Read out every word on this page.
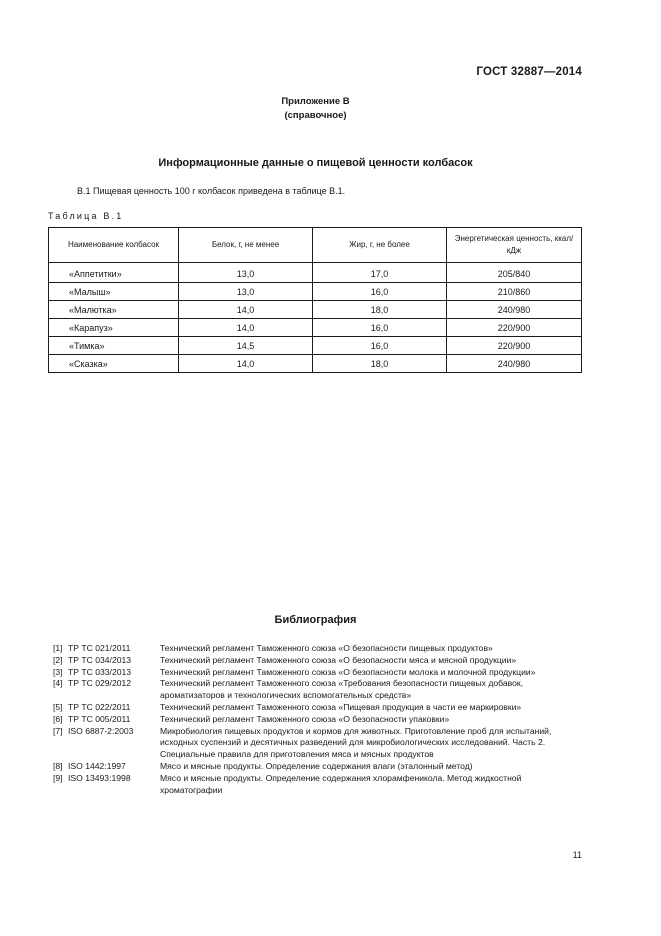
ГОСТ 32887—2014
Приложение В
(справочное)
Информационные данные о пищевой ценности колбасок
В.1 Пищевая ценность 100 г колбасок приведена в таблице В.1.
Таблица В.1
Наименование колбасок	Белок, г, не менее	Жир, г, не более	Энергетическая ценность, ккал/кДж
«Аппетитки»	13,0	17,0	205/840
«Малыш»	13,0	16,0	210/860
«Малютка»	14,0	18,0	240/980
«Карапуз»	14,0	16,0	220/900
«Тимка»	14,5	16,0	220/900
«Сказка»	14,0	18,0	240/980
Библиография
[1] ТР ТС 021/2011	Технический регламент Таможенного союза «О безопасности пищевых продуктов»
[2] ТР ТС 034/2013	Технический регламент Таможенного союза «О безопасности мяса и мясной продукции»
[3] ТР ТС 033/2013	Технический регламент Таможенного союза «О безопасности молока и молочной продукции»
[4] ТР ТС 029/2012	Технический регламент Таможенного союза «Требования безопасности пищевых добавок, ароматизаторов и технологических вспомогательных средств»
[5] ТР ТС 022/2011	Технический регламент Таможенного союза «Пищевая продукция в части ее маркировки»
[6] ТР ТС 005/2011	Технический регламент Таможенного союза «О безопасности упаковки»
[7] ISO 6887-2:2003	Микробиология пищевых продуктов и кормов для животных. Приготовление проб для испытаний, исходных суспензий и десятичных разведений для микробиологических исследований. Часть 2. Специальные правила для приготовления мяса и мясных продуктов
[8] ISO 1442:1997	Мясо и мясные продукты. Определение содержания влаги (эталонный метод)
[9] ISO 13493:1998	Мясо и мясные продукты. Определение содержания хлорамфеникола. Метод жидкостной хроматографии
11
